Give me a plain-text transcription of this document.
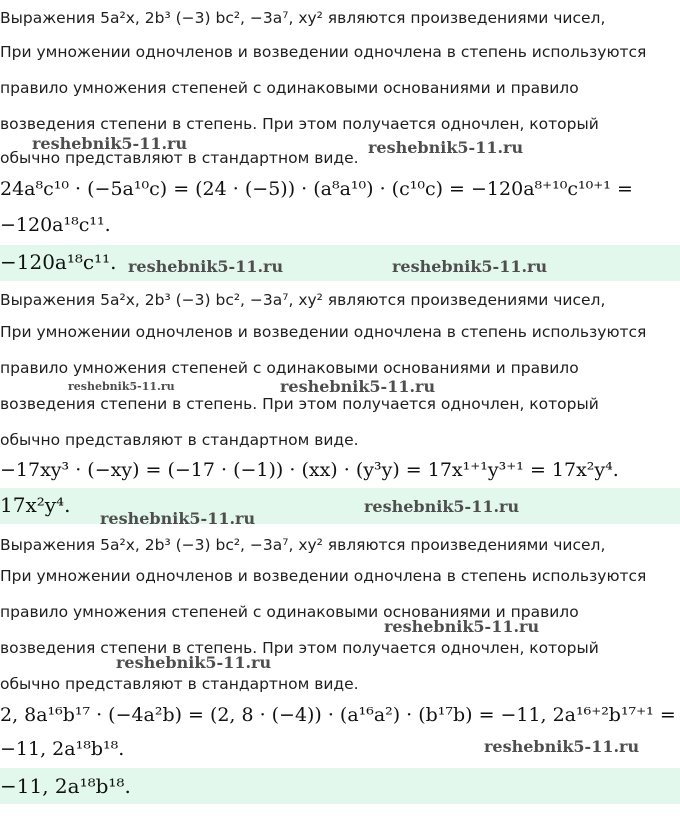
Выражения 5a²x, 2b³ (−3) bc², −3a⁷, xy² являются произведениями чисел,
При умножении одночленов и возведении одночлена в степень используются
правило умножения степеней с одинаковыми основаниями и правило
возведения степени в степень. При этом получается одночлен, который
обычно представляют в стандартном виде.
24a⁸c¹⁰ · (−5a¹⁰c) = (24 · (−5)) · (a⁸a¹⁰) · (c¹⁰c) = −120a⁸⁺¹⁰c¹⁰⁺¹ =
−120a¹⁸c¹¹.
−120a¹⁸c¹¹.
Выражения 5a²x, 2b³ (−3) bc², −3a⁷, xy² являются произведениями чисел,
При умножении одночленов и возведении одночлена в степень используются
правило умножения степеней с одинаковыми основаниями и правило
возведения степени в степень. При этом получается одночлен, который
обычно представляют в стандартном виде.
−17xy³ · (−xy) = (−17 · (−1)) · (xx) · (y³y) = 17x¹⁺¹y³⁺¹ = 17x²y⁴.
17x²y⁴.
Выражения 5a²x, 2b³ (−3) bc², −3a⁷, xy² являются произведениями чисел,
При умножении одночленов и возведении одночлена в степень используются
правило умножения степеней с одинаковыми основаниями и правило
возведения степени в степень. При этом получается одночлен, который
обычно представляют в стандартном виде.
2, 8a¹⁶b¹⁷ · (−4a²b) = (2, 8 · (−4)) · (a¹⁶a²) · (b¹⁷b) = −11, 2a¹⁶⁺²b¹⁷⁺¹ =
−11, 2a¹⁸b¹⁸.
−11, 2a¹⁸b¹⁸.
reshebnik5-11.ru	reshebnik5-11.ru
reshebnik5-11.ru	reshebnik5-11.ru
reshebnik5-11.ru	reshebnik5-11.ru
reshebnik5-11.ru
reshebnik5-11.ru
reshebnik5-11.ru
reshebnik5-11.ru
reshebnik5-11.ru
